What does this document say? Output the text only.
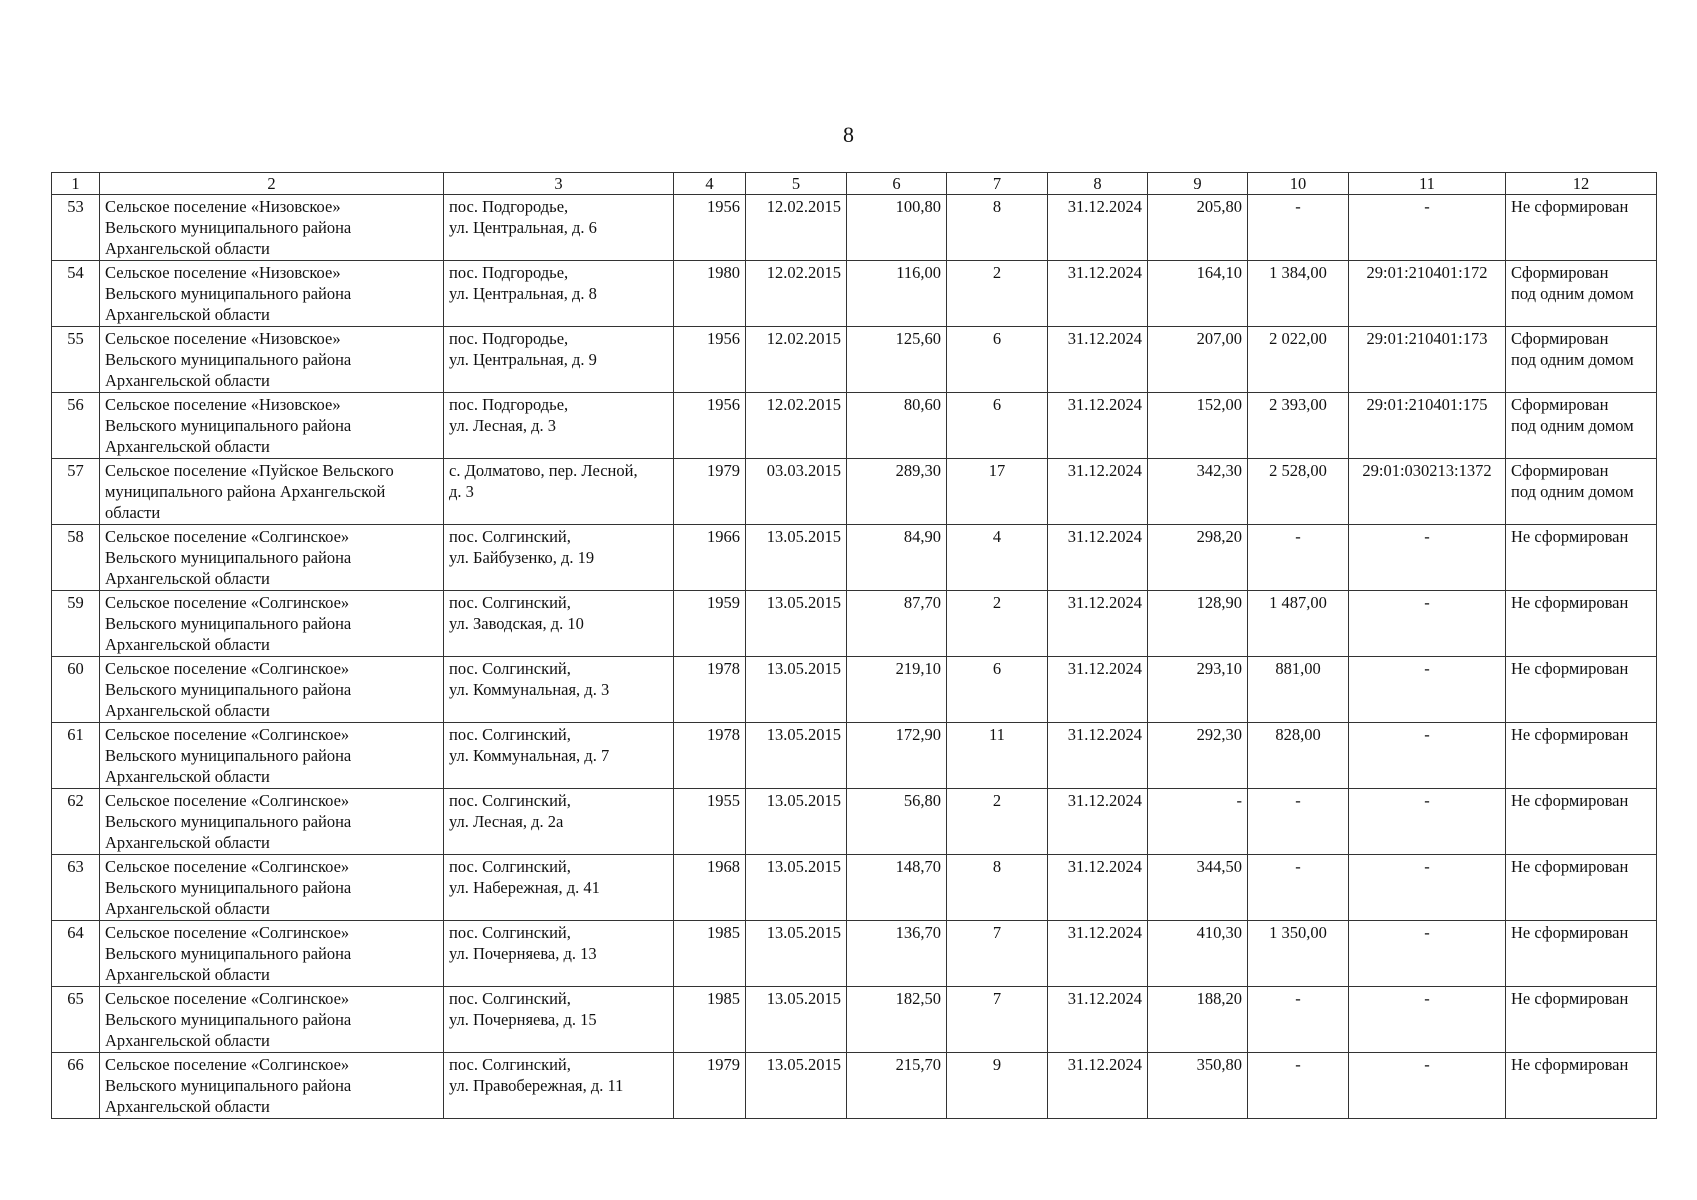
8
1	2	3	4	5	6	7	8	9	10	11	12
53	Сельское поселение «Низовское»
Вельского муниципального района
Архангельской области	пос. Подгородье,
ул. Центральная, д. 6	1956	12.02.2015	100,80	8	31.12.2024	205,80	-	-	Не сформирован

54	Сельское поселение «Низовское»
Вельского муниципального района
Архангельской области	пос. Подгородье,
ул. Центральная, д. 8	1980	12.02.2015	116,00	2	31.12.2024	164,10	1 384,00	29:01:210401:172	Сформирован
под одним домом

55	Сельское поселение «Низовское»
Вельского муниципального района
Архангельской области	пос. Подгородье,
ул. Центральная, д. 9	1956	12.02.2015	125,60	6	31.12.2024	207,00	2 022,00	29:01:210401:173	Сформирован
под одним домом

56	Сельское поселение «Низовское»
Вельского муниципального района
Архангельской области	пос. Подгородье,
ул. Лесная, д. 3	1956	12.02.2015	80,60	6	31.12.2024	152,00	2 393,00	29:01:210401:175	Сформирован
под одним домом

57	Сельское поселение «Пуйское Вельского
муниципального района Архангельской
области	с. Долматово, пер. Лесной,
д. 3	1979	03.03.2015	289,30	17	31.12.2024	342,30	2 528,00	29:01:030213:1372	Сформирован
под одним домом

58	Сельское поселение «Солгинское»
Вельского муниципального района
Архангельской области	пос. Солгинский,
ул. Байбузенко, д. 19	1966	13.05.2015	84,90	4	31.12.2024	298,20	-	-	Не сформирован

59	Сельское поселение «Солгинское»
Вельского муниципального района
Архангельской области	пос. Солгинский,
ул. Заводская, д. 10	1959	13.05.2015	87,70	2	31.12.2024	128,90	1 487,00	-	Не сформирован

60	Сельское поселение «Солгинское»
Вельского муниципального района
Архангельской области	пос. Солгинский,
ул. Коммунальная, д. 3	1978	13.05.2015	219,10	6	31.12.2024	293,10	881,00	-	Не сформирован

61	Сельское поселение «Солгинское»
Вельского муниципального района
Архангельской области	пос. Солгинский,
ул. Коммунальная, д. 7	1978	13.05.2015	172,90	11	31.12.2024	292,30	828,00	-	Не сформирован

62	Сельское поселение «Солгинское»
Вельского муниципального района
Архангельской области	пос. Солгинский,
ул. Лесная, д. 2а	1955	13.05.2015	56,80	2	31.12.2024	-	-	-	Не сформирован

63	Сельское поселение «Солгинское»
Вельского муниципального района
Архангельской области	пос. Солгинский,
ул. Набережная, д. 41	1968	13.05.2015	148,70	8	31.12.2024	344,50	-	-	Не сформирован

64	Сельское поселение «Солгинское»
Вельского муниципального района
Архангельской области	пос. Солгинский,
ул. Почерняева, д. 13	1985	13.05.2015	136,70	7	31.12.2024	410,30	1 350,00	-	Не сформирован

65	Сельское поселение «Солгинское»
Вельского муниципального района
Архангельской области	пос. Солгинский,
ул. Почерняева, д. 15	1985	13.05.2015	182,50	7	31.12.2024	188,20	-	-	Не сформирован

66	Сельское поселение «Солгинское»
Вельского муниципального района
Архангельской области	пос. Солгинский,
ул. Правобережная, д. 11	1979	13.05.2015	215,70	9	31.12.2024	350,80	-	-	Не сформирован
